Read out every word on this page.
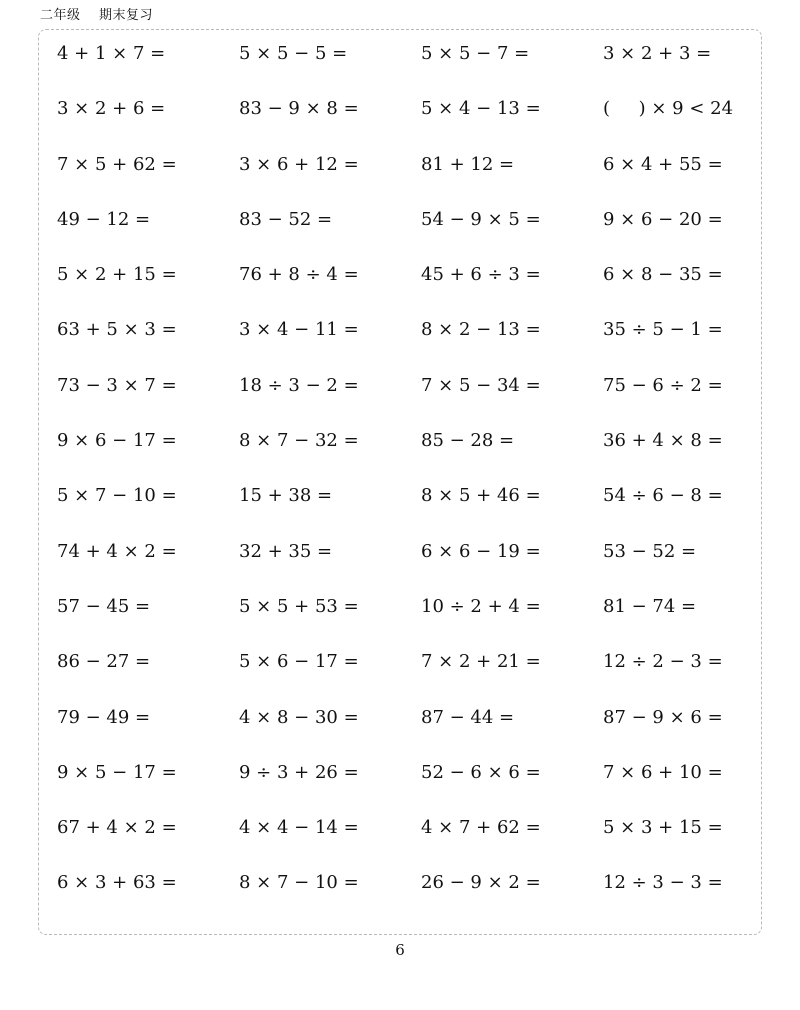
二年级    期末复习
4 + 1 × 7 =	5 × 5 − 5 =	5 × 5 − 7 =	3 × 2 + 3 =
3 × 2 + 6 =	83 − 9 × 8 =	5 × 4 − 13 =	(     ) × 9 < 24
7 × 5 + 62 =	3 × 6 + 12 =	81 + 12 =	6 × 4 + 55 =
49 − 12 =	83 − 52 =	54 − 9 × 5 =	9 × 6 − 20 =
5 × 2 + 15 =	76 + 8 ÷ 4 =	45 + 6 ÷ 3 =	6 × 8 − 35 =
63 + 5 × 3 =	3 × 4 − 11 =	8 × 2 − 13 =	35 ÷ 5 − 1 =
73 − 3 × 7 =	18 ÷ 3 − 2 =	7 × 5 − 34 =	75 − 6 ÷ 2 =
9 × 6 − 17 =	8 × 7 − 32 =	85 − 28 =	36 + 4 × 8 =
5 × 7 − 10 =	15 + 38 =	8 × 5 + 46 =	54 ÷ 6 − 8 =
74 + 4 × 2 =	32 + 35 =	6 × 6 − 19 =	53 − 52 =
57 − 45 =	5 × 5 + 53 =	10 ÷ 2 + 4 =	81 − 74 =
86 − 27 =	5 × 6 − 17 =	7 × 2 + 21 =	12 ÷ 2 − 3 =
79 − 49 =	4 × 8 − 30 =	87 − 44 =	87 − 9 × 6 =
9 × 5 − 17 =	9 ÷ 3 + 26 =	52 − 6 × 6 =	7 × 6 + 10 =
67 + 4 × 2 =	4 × 4 − 14 =	4 × 7 + 62 =	5 × 3 + 15 =
6 × 3 + 63 =	8 × 7 − 10 =	26 − 9 × 2 =	12 ÷ 3 − 3 =
6
